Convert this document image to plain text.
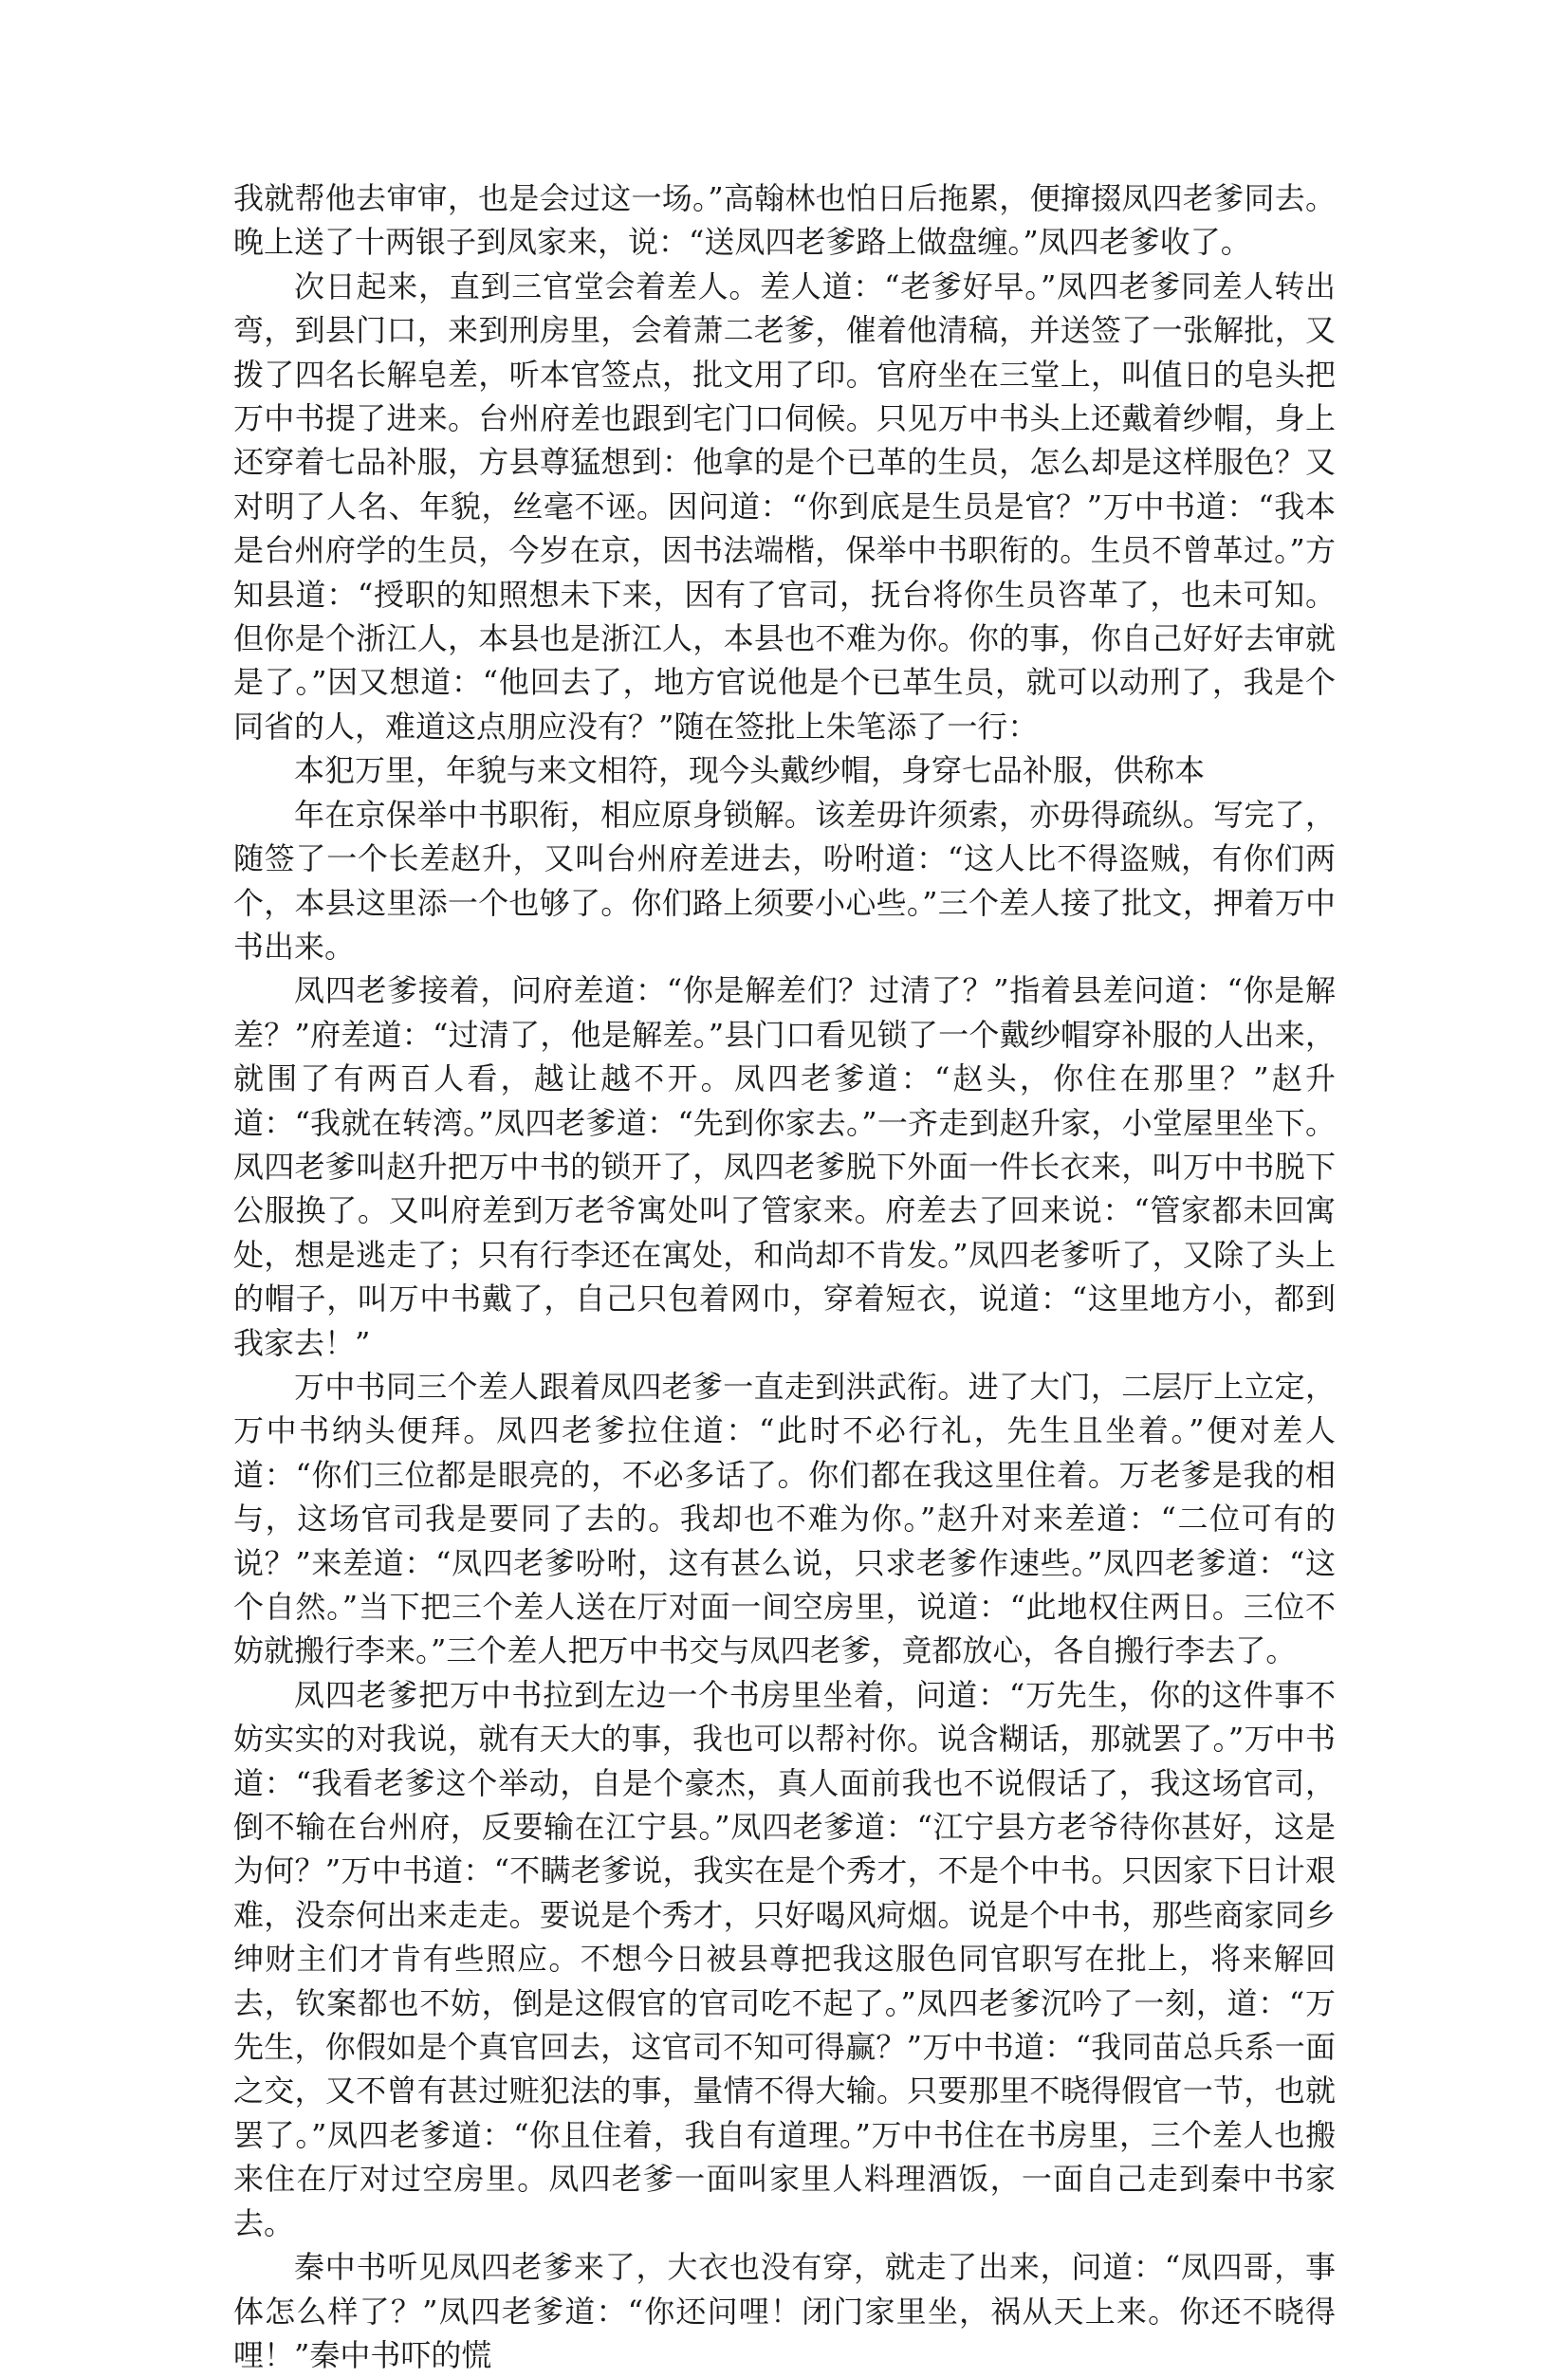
我就帮他去审审，也是会过这一场。”高翰林也怕日后拖累，便撺掇凤四老爹同去。晚上送了十两银子到凤家来，说：“送凤四老爹路上做盘缠。”凤四老爹收了。

次日起来，直到三官堂会着差人。差人道：“老爹好早。”凤四老爹同差人转出弯，到县门口，来到刑房里，会着萧二老爹，催着他清稿，并送签了一张解批，又拨了四名长解皂差，听本官签点，批文用了印。官府坐在三堂上，叫值日的皂头把万中书提了进来。台州府差也跟到宅门口伺候。只见万中书头上还戴着纱帽，身上还穿着七品补服，方县尊猛想到：他拿的是个已革的生员，怎么却是这样服色？又对明了人名、年貌，丝毫不诬。因问道：“你到底是生员是官？”万中书道：“我本是台州府学的生员，今岁在京，因书法端楷，保举中书职衔的。生员不曾革过。”方知县道：“授职的知照想未下来，因有了官司，抚台将你生员咨革了，也未可知。但你是个浙江人，本县也是浙江人，本县也不难为你。你的事，你自己好好去审就是了。”因又想道：“他回去了，地方官说他是个已革生员，就可以动刑了，我是个同省的人，难道这点朋应没有？”随在签批上朱笔添了一行：

本犯万里，年貌与来文相符，现今头戴纱帽，身穿七品补服，供称本

年在京保举中书职衔，相应原身锁解。该差毋许须索，亦毋得疏纵。写完了，随签了一个长差赵升，又叫台州府差进去，吩咐道：“这人比不得盗贼，有你们两个，本县这里添一个也够了。你们路上须要小心些。”三个差人接了批文，押着万中书出来。

凤四老爹接着，问府差道：“你是解差们？过清了？”指着县差问道：“你是解差？”府差道：“过清了，他是解差。”县门口看见锁了一个戴纱帽穿补服的人出来，就围了有两百人看，越让越不开。凤四老爹道：“赵头，你住在那里？”赵升道：“我就在转湾。”凤四老爹道：“先到你家去。”一齐走到赵升家，小堂屋里坐下。凤四老爹叫赵升把万中书的锁开了，凤四老爹脱下外面一件长衣来，叫万中书脱下公服换了。又叫府差到万老爷寓处叫了管家来。府差去了回来说：“管家都未回寓处，想是逃走了；只有行李还在寓处，和尚却不肯发。”凤四老爹听了，又除了头上的帽子，叫万中书戴了，自己只包着网巾，穿着短衣，说道：“这里地方小，都到我家去！”

万中书同三个差人跟着凤四老爹一直走到洪武衔。进了大门，二层厅上立定，万中书纳头便拜。凤四老爹拉住道：“此时不必行礼，先生且坐着。”便对差人道：“你们三位都是眼亮的，不必多话了。你们都在我这里住着。万老爹是我的相与，这场官司我是要同了去的。我却也不难为你。”赵升对来差道：“二位可有的说？”来差道：“凤四老爹吩咐，这有甚么说，只求老爹作速些。”凤四老爹道：“这个自然。”当下把三个差人送在厅对面一间空房里，说道：“此地权住两日。三位不妨就搬行李来。”三个差人把万中书交与凤四老爹，竟都放心，各自搬行李去了。

凤四老爹把万中书拉到左边一个书房里坐着，问道：“万先生，你的这件事不妨实实的对我说，就有天大的事，我也可以帮衬你。说含糊话，那就罢了。”万中书道：“我看老爹这个举动，自是个豪杰，真人面前我也不说假话了，我这场官司，倒不输在台州府，反要输在江宁县。”凤四老爹道：“江宁县方老爷待你甚好，这是为何？”万中书道：“不瞒老爹说，我实在是个秀才，不是个中书。只因家下日计艰难，没奈何出来走走。要说是个秀才，只好喝风疴烟。说是个中书，那些商家同乡绅财主们才肯有些照应。不想今日被县尊把我这服色同官职写在批上，将来解回去，钦案都也不妨，倒是这假官的官司吃不起了。”凤四老爹沉吟了一刻，道：“万先生，你假如是个真官回去，这官司不知可得赢？”万中书道：“我同苗总兵系一面之交，又不曾有甚过赃犯法的事，量情不得大输。只要那里不晓得假官一节，也就罢了。”凤四老爹道：“你且住着，我自有道理。”万中书住在书房里，三个差人也搬来住在厅对过空房里。凤四老爹一面叫家里人料理酒饭，一面自己走到秦中书家去。

秦中书听见凤四老爹来了，大衣也没有穿，就走了出来，问道：“凤四哥，事体怎么样了？”凤四老爹道：“你还问哩！闭门家里坐，祸从天上来。你还不晓得哩！”秦中书吓的慌
